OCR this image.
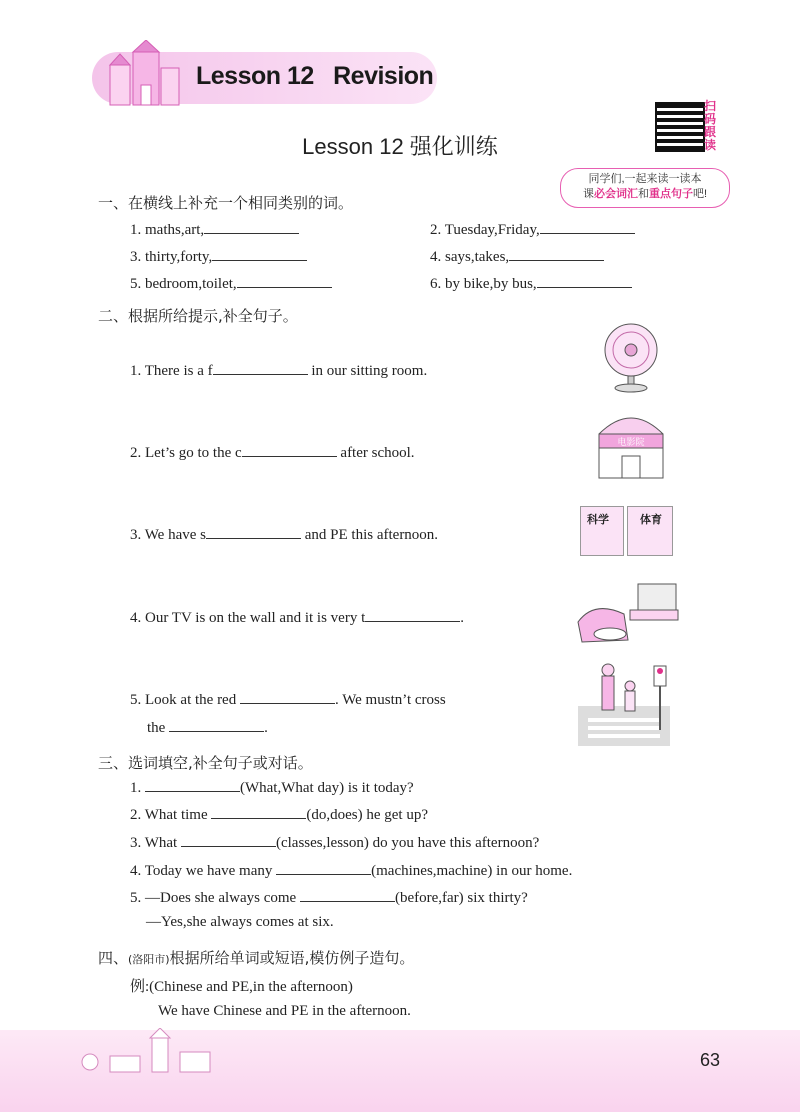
Lesson 12   Revision
Lesson 12 强化训练
扫码跟读
同学们,一起来读一读本
课必会词汇和重点句子吧!
一、在横线上补充一个相同类别的词。
1. maths,art,	2. Tuesday,Friday,
3. thirty,forty,	4. says,takes,
5. bedroom,toilet,	6. by bike,by bus,
二、根据所给提示,补全句子。
1. There is a f	in our sitting room.
2. Let’s go to the c	after school.
3. We have s	and PE this afternoon.
4. Our TV is on the wall and it is very t	.
5. Look at the red	. We mustn’t cross
the	.
电影院
科学	体育
三、选词填空,补全句子或对话。
1.	(What,What day) is it today?
2. What time	(do,does) he get up?
3. What	(classes,lesson) do you have this afternoon?
4. Today we have many	(machines,machine) in our home.
5. —Does she always come	(before,far) six thirty?
—Yes,she always comes at six.
四、(洛阳市)根据所给单词或短语,模仿例子造句。
例:(Chinese and PE,in the afternoon)
We have Chinese and PE in the afternoon.
63
